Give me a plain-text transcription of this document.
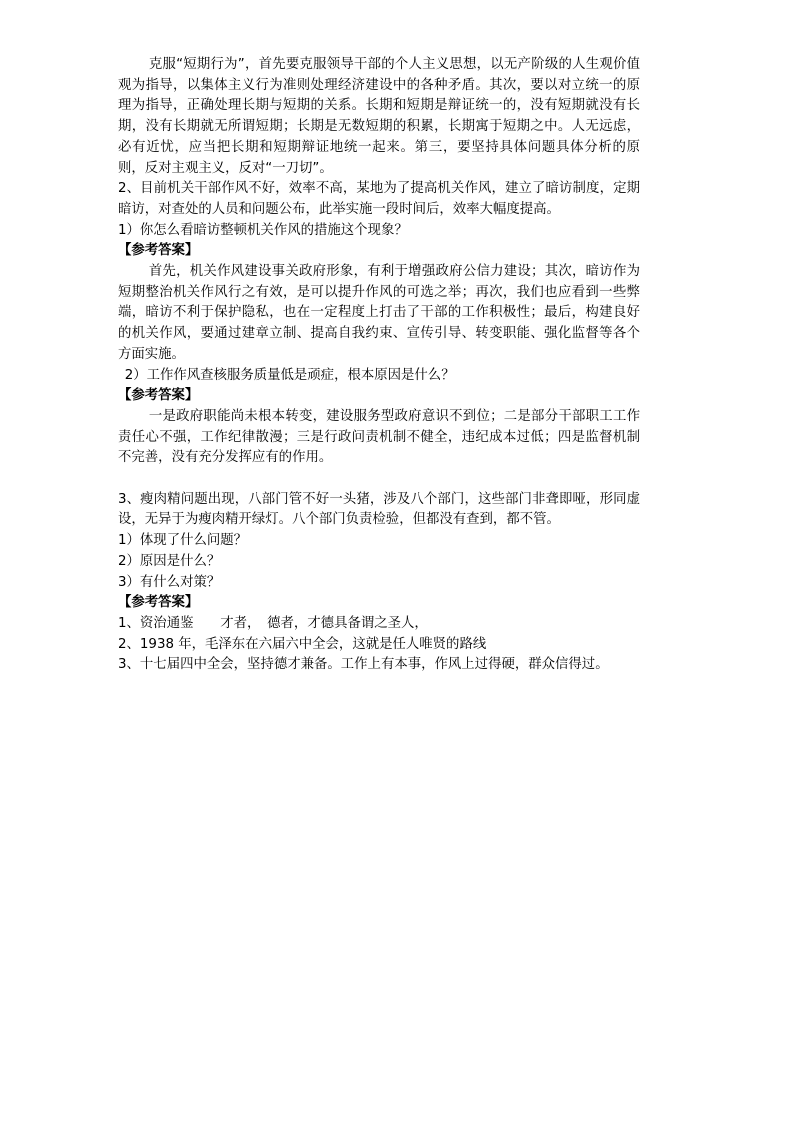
克服“短期行为”，首先要克服领导干部的个人主义思想，以无产阶级的人生观价值观为指导，以集体主义行为准则处理经济建设中的各种矛盾。其次，要以对立统一的原理为指导，正确处理长期与短期的关系。长期和短期是辩证统一的，没有短期就没有长期，没有长期就无所谓短期；长期是无数短期的积累，长期寓于短期之中。人无远虑，必有近忧，应当把长期和短期辩证地统一起来。第三，要坚持具体问题具体分析的原则，反对主观主义，反对“一刀切”。

2、目前机关干部作风不好，效率不高，某地为了提高机关作风，建立了暗访制度，定期暗访，对查处的人员和问题公布，此举实施一段时间后，效率大幅度提高。

1）你怎么看暗访整顿机关作风的措施这个现象？

【参考答案】

首先，机关作风建设事关政府形象，有利于增强政府公信力建设；其次，暗访作为短期整治机关作风行之有效，是可以提升作风的可选之举；再次，我们也应看到一些弊端，暗访不利于保护隐私，也在一定程度上打击了干部的工作积极性；最后，构建良好的机关作风，要通过建章立制、提高自我约束、宣传引导、转变职能、强化监督等各个方面实施。

2）工作作风查核服务质量低是顽症，根本原因是什么？

【参考答案】

一是政府职能尚未根本转变，建设服务型政府意识不到位；二是部分干部职工工作责任心不强，工作纪律散漫；三是行政问责机制不健全，违纪成本过低；四是监督机制不完善，没有充分发挥应有的作用。

3、瘦肉精问题出现，八部门管不好一头猪，涉及八个部门，这些部门非聋即哑，形同虚设，无异于为瘦肉精开绿灯。八个部门负责检验，但都没有查到，都不管。

1）体现了什么问题？

2）原因是什么？

3）有什么对策？

【参考答案】

1、资治通鉴　　才者，　德者，才德具备谓之圣人，

2、1938 年，毛泽东在六届六中全会，这就是任人唯贤的路线

3、十七届四中全会，坚持德才兼备。工作上有本事，作风上过得硬，群众信得过。
